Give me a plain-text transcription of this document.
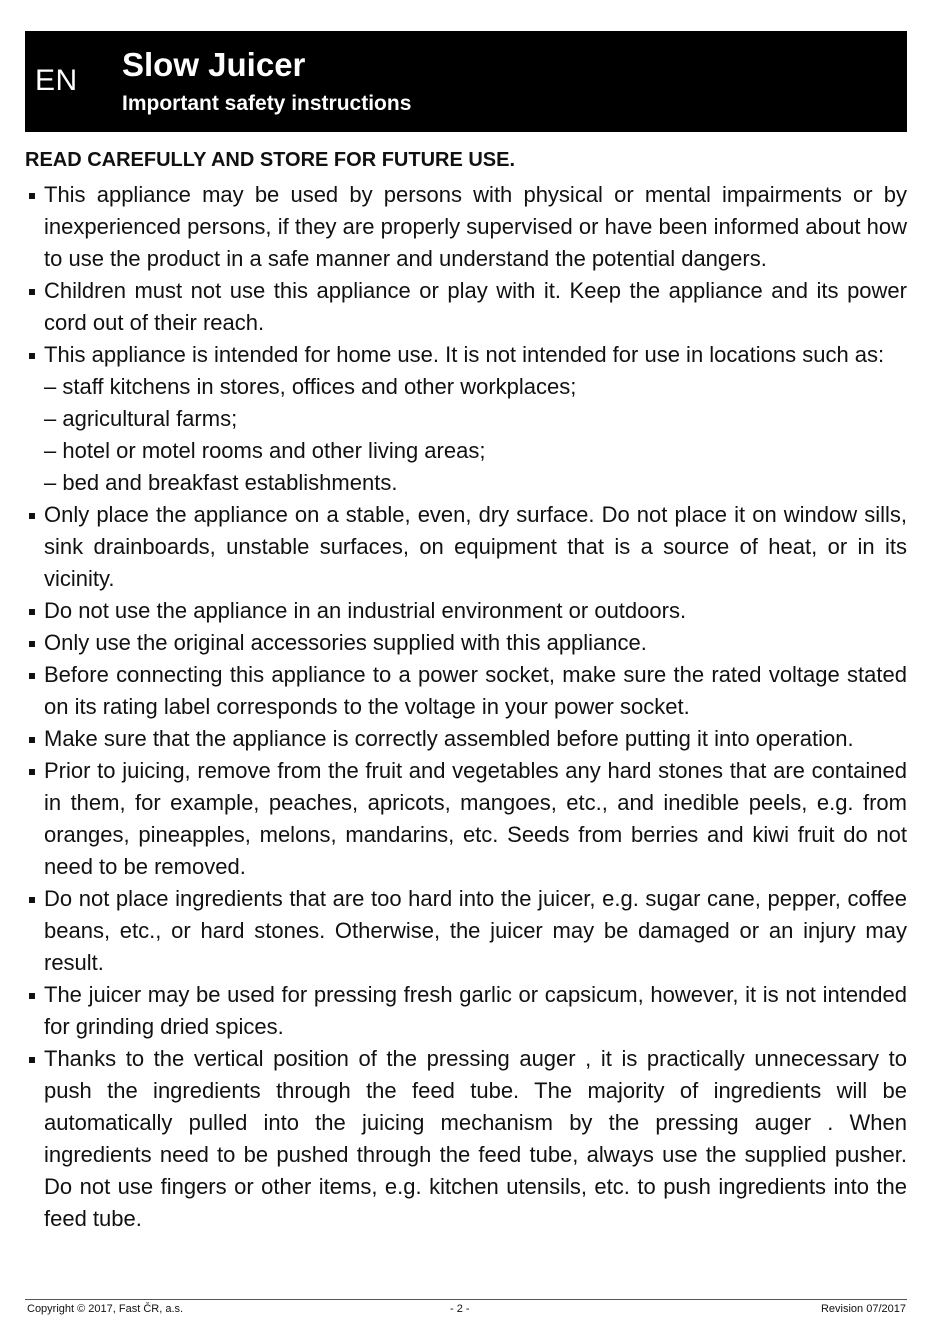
EN Slow Juicer
Important safety instructions
READ CAREFULLY AND STORE FOR FUTURE USE.
This appliance may be used by persons with physical or mental impairments or by inexperienced persons, if they are properly supervised or have been informed about how to use the product in a safe manner and understand the potential dangers.
Children must not use this appliance or play with it. Keep the appliance and its power cord out of their reach.
This appliance is intended for home use. It is not intended for use in locations such as:
– staff kitchens in stores, offices and other workplaces;
– agricultural farms;
– hotel or motel rooms and other living areas;
– bed and breakfast establishments.
Only place the appliance on a stable, even, dry surface. Do not place it on window sills, sink drainboards, unstable surfaces, on equipment that is a source of heat, or in its vicinity.
Do not use the appliance in an industrial environment or outdoors.
Only use the original accessories supplied with this appliance.
Before connecting this appliance to a power socket, make sure the rated voltage stated on its rating label corresponds to the voltage in your power socket.
Make sure that the appliance is correctly assembled before putting it into operation.
Prior to juicing, remove from the fruit and vegetables any hard stones that are contained in them, for example, peaches, apricots, mangoes, etc., and inedible peels, e.g. from oranges, pineapples, melons, mandarins, etc. Seeds from berries and kiwi fruit do not need to be removed.
Do not place ingredients that are too hard into the juicer, e.g. sugar cane, pepper, coffee beans, etc., or hard stones. Otherwise, the juicer may be damaged or an injury may result.
The juicer may be used for pressing fresh garlic or capsicum, however, it is not intended for grinding dried spices.
Thanks to the vertical position of the pressing auger , it is practically unnecessary to push the ingredients through the feed tube. The majority of ingredients will be automatically pulled into the juicing mechanism by the pressing auger . When ingredients need to be pushed through the feed tube, always use the supplied pusher. Do not use fingers or other items, e.g. kitchen utensils, etc. to push ingredients into the feed tube.
Copyright © 2017, Fast ČR, a.s.	- 2 -	Revision 07/2017
